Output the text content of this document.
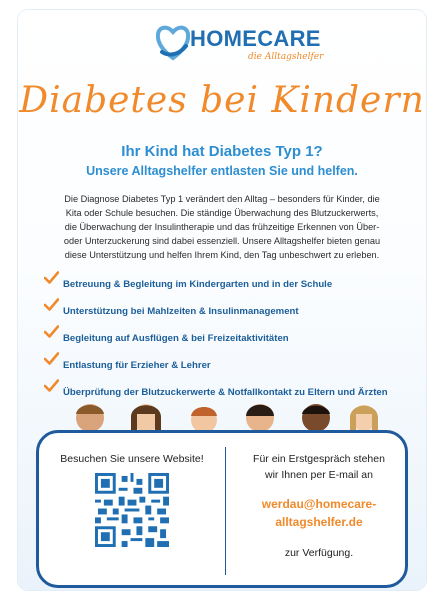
HOMECARE
die Alltagshelfer
Diabetes bei Kindern
Ihr Kind hat Diabetes Typ 1?
Unsere Alltagshelfer entlasten Sie und helfen.
Die Diagnose Diabetes Typ 1 verändert den Alltag – besonders für Kinder, die
Kita oder Schule besuchen. Die ständige Überwachung des Blutzuckerwerts,
die Überwachung der Insulintherapie und das frühzeitige Erkennen von Über-
oder Unterzuckerung sind dabei essenziell. Unsere Alltagshelfer bieten genau
diese Unterstützung und helfen Ihrem Kind, den Tag unbeschwert zu erleben.
Betreuung & Begleitung im Kindergarten und in der Schule
Unterstützung bei Mahlzeiten & Insulinmanagement
Begleitung auf Ausflügen & bei Freizeitaktivitäten
Entlastung für Erzieher & Lehrer
Überprüfung der Blutzuckerwerte & Notfallkontakt zu Eltern und Ärzten
Besuchen Sie unsere Website!	Für ein Erstgespräch stehen
wir Ihnen per E-mail an
werdau@homecare-
alltagshelfer.de
zur Verfügung.
